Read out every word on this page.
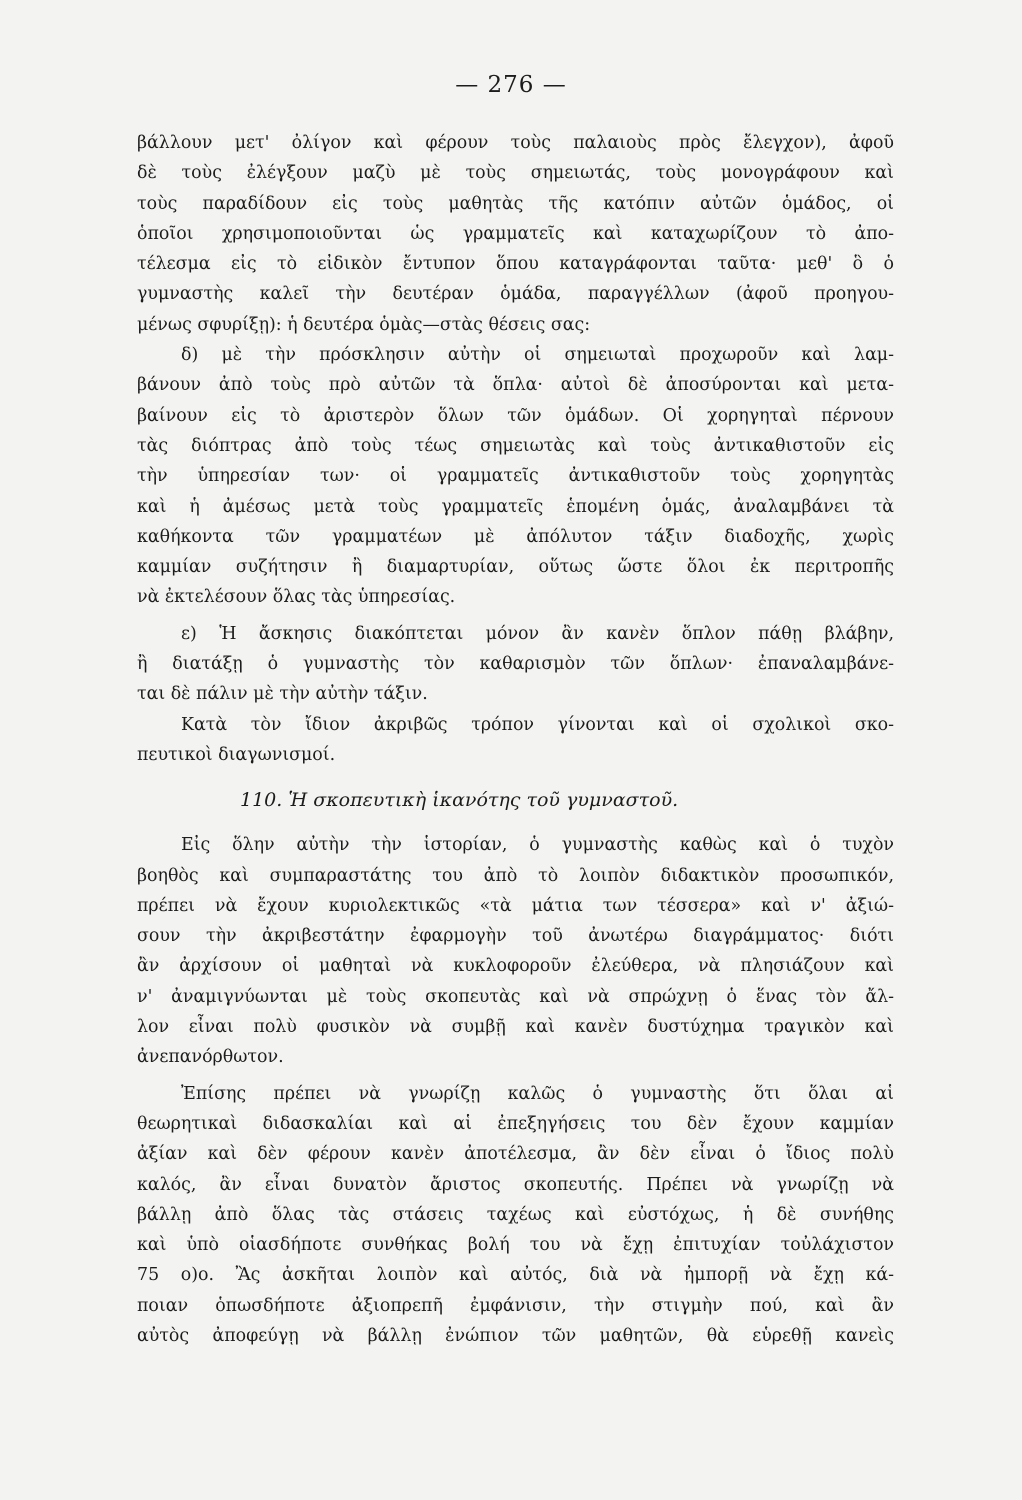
— 276 —
βάλλουν μετ' ὀλίγον καὶ φέρουν τοὺς παλαιοὺς πρὸς ἔλεγχον), ἀφοῦ
δὲ τοὺς ἐλέγξουν μαζὺ μὲ τοὺς σημειωτάς, τοὺς μονογράφουν καὶ
τοὺς παραδίδουν εἰς τοὺς μαθητὰς τῆς κατόπιν αὐτῶν ὁμάδος, οἱ
ὁποῖοι χρησιμοποιοῦνται ὡς γραμματεῖς καὶ καταχωρίζουν τὸ ἀπο-
τέλεσμα εἰς τὸ εἰδικὸν ἔντυπον ὅπου καταγράφονται ταῦτα· μεθ' ὃ ὁ
γυμναστὴς καλεῖ τὴν δευτέραν ὁμάδα, παραγγέλλων (ἀφοῦ προηγου-
μένως σφυρίξῃ): ἡ δευτέρα ὁμὰς—στὰς θέσεις σας:
δ) μὲ τὴν πρόσκλησιν αὐτὴν οἱ σημειωταὶ προχωροῦν καὶ λαμ-
βάνουν ἀπὸ τοὺς πρὸ αὐτῶν τὰ ὅπλα· αὐτοὶ δὲ ἀποσύρονται καὶ μετα-
βαίνουν εἰς τὸ ἀριστερὸν ὅλων τῶν ὁμάδων. Οἱ χορηγηταὶ πέρνουν
τὰς διόπτρας ἀπὸ τοὺς τέως σημειωτὰς καὶ τοὺς ἀντικαθιστοῦν εἰς
τὴν ὑπηρεσίαν των· οἱ γραμματεῖς ἀντικαθιστοῦν τοὺς χορηγητὰς
καὶ ἡ ἀμέσως μετὰ τοὺς γραμματεῖς ἑπομένη ὁμάς, ἀναλαμβάνει τὰ
καθήκοντα τῶν γραμματέων μὲ ἀπόλυτον τάξιν διαδοχῆς, χωρὶς
καμμίαν συζήτησιν ἢ διαμαρτυρίαν, οὕτως ὥστε ὅλοι ἐκ περιτροπῆς
νὰ ἐκτελέσουν ὅλας τὰς ὑπηρεσίας.
ε) Ἡ ἄσκησις διακόπτεται μόνον ἂν κανὲν ὅπλον πάθῃ βλάβην,
ἢ διατάξῃ ὁ γυμναστὴς τὸν καθαρισμὸν τῶν ὅπλων· ἐπαναλαμβάνε-
ται δὲ πάλιν μὲ τὴν αὐτὴν τάξιν.
Κατὰ τὸν ἴδιον ἀκριβῶς τρόπον γίνονται καὶ οἱ σχολικοὶ σκο-
πευτικοὶ διαγωνισμοί.
110. Ἡ σκοπευτικὴ ἱκανότης τοῦ γυμναστοῦ.
Εἰς ὅλην αὐτὴν τὴν ἱστορίαν, ὁ γυμναστὴς καθὼς καὶ ὁ τυχὸν
βοηθὸς καὶ συμπαραστάτης του ἀπὸ τὸ λοιπὸν διδακτικὸν προσωπικόν,
πρέπει νὰ ἔχουν κυριολεκτικῶς «τὰ μάτια των τέσσερα» καὶ ν' ἀξιώ-
σουν τὴν ἀκριβεστάτην ἐφαρμογὴν τοῦ ἀνωτέρω διαγράμματος· διότι
ἂν ἀρχίσουν οἱ μαθηταὶ νὰ κυκλοφοροῦν ἐλεύθερα, νὰ πλησιάζουν καὶ
ν' ἀναμιγνύωνται μὲ τοὺς σκοπευτὰς καὶ νὰ σπρώχνῃ ὁ ἕνας τὸν ἄλ-
λον εἶναι πολὺ φυσικὸν νὰ συμβῇ καὶ κανὲν δυστύχημα τραγικὸν καὶ
ἀνεπανόρθωτον.
Ἐπίσης πρέπει νὰ γνωρίζῃ καλῶς ὁ γυμναστὴς ὅτι ὅλαι αἱ
θεωρητικαὶ διδασκαλίαι καὶ αἱ ἐπεξηγήσεις του δὲν ἔχουν καμμίαν
ἀξίαν καὶ δὲν φέρουν κανὲν ἀποτέλεσμα, ἂν δὲν εἶναι ὁ ἴδιος πολὺ
καλός, ἂν εἶναι δυνατὸν ἄριστος σκοπευτής. Πρέπει νὰ γνωρίζῃ νὰ
βάλλῃ ἀπὸ ὅλας τὰς στάσεις ταχέως καὶ εὐστόχως, ἡ δὲ συνήθης
καὶ ὑπὸ οἱασδήποτε συνθήκας βολή του νὰ ἔχῃ ἐπιτυχίαν τοὐλάχιστον
75 ο)ο. Ἂς ἀσκῆται λοιπὸν καὶ αὐτός, διὰ νὰ ἠμπορῇ νὰ ἔχῃ κά-
ποιαν ὁπωσδήποτε ἀξιοπρεπῆ ἐμφάνισιν, τὴν στιγμὴν πού, καὶ ἂν
αὐτὸς ἀποφεύγῃ νὰ βάλλῃ ἐνώπιον τῶν μαθητῶν, θὰ εὑρεθῇ κανεὶς
